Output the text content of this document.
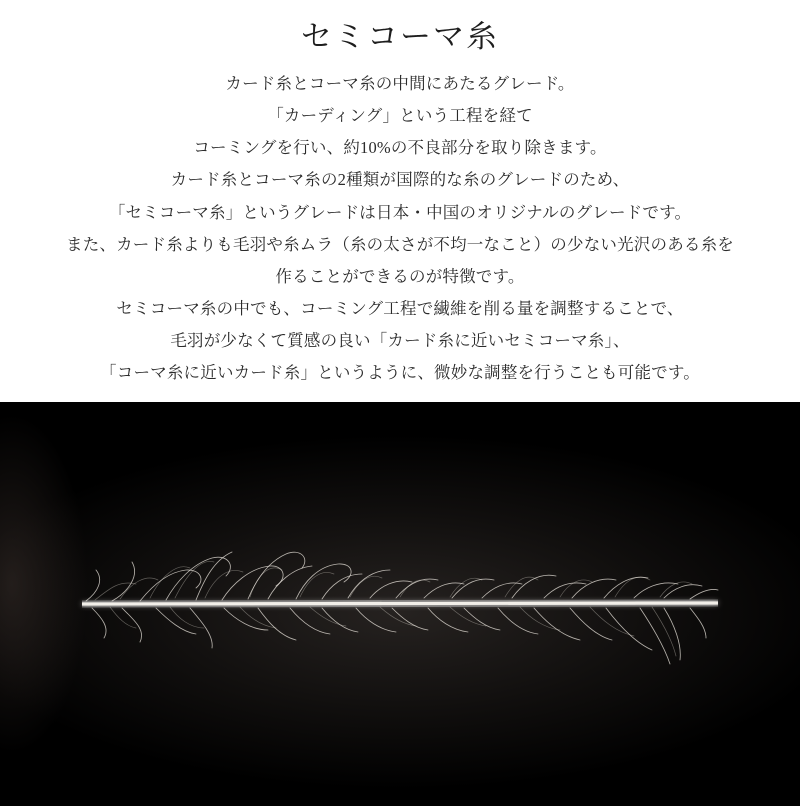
セミコーマ糸

カード糸とコーマ糸の中間にあたるグレード。

「カーディング」という工程を経て

コーミングを行い、約10%の不良部分を取り除きます。

カード糸とコーマ糸の2種類が国際的な糸のグレードのため、

「セミコーマ糸」というグレードは日本・中国のオリジナルのグレードです。

また、カード糸よりも毛羽や糸ムラ（糸の太さが不均一なこと）の少ない光沢のある糸を

作ることができるのが特徴です。

セミコーマ糸の中でも、コーミング工程で繊維を削る量を調整することで、

毛羽が少なくて質感の良い「カード糸に近いセミコーマ糸」、

「コーマ糸に近いカード糸」というように、微妙な調整を行うことも可能です。
